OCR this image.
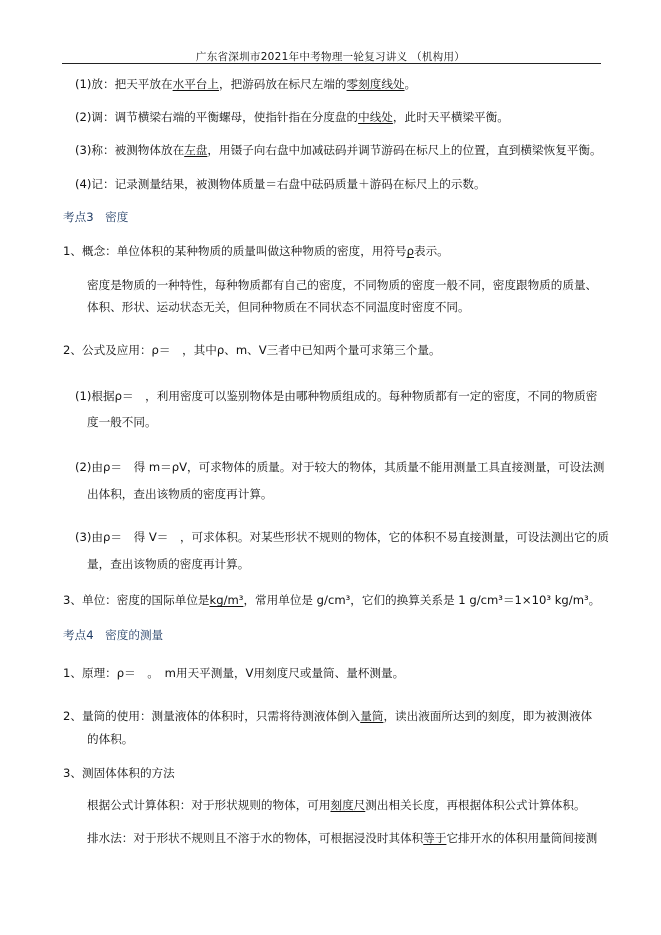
广东省深圳市2021年中考物理一轮复习讲义 （机构用）
(1)放：把天平放在水平台上，把游码放在标尺左端的零刻度线处。
(2)调：调节横梁右端的平衡螺母，使指针指在分度盘的中线处，此时天平横梁平衡。
(3)称：被测物体放在左盘，用镊子向右盘中加减砝码并调节游码在标尺上的位置，直到横梁恢复平衡。
(4)记：记录测量结果，被测物体质量＝右盘中砝码质量＋游码在标尺上的示数。
考点3　密度
1、概念：单位体积的某种物质的质量叫做这种物质的密度，用符号ρ表示。
密度是物质的一种特性，每种物质都有自己的密度，不同物质的密度一般不同，密度跟物质的质量、
体积、形状、运动状态无关，但同种物质在不同状态不同温度时密度不同。
2、公式及应用：ρ＝　，其中ρ、m、V三者中已知两个量可求第三个量。
(1)根据ρ＝　，利用密度可以鉴别物体是由哪种物质组成的。每种物质都有一定的密度，不同的物质密
度一般不同。
(2)由ρ＝　得 m＝ρV，可求物体的质量。对于较大的物体，其质量不能用测量工具直接测量，可设法测
出体积，查出该物质的密度再计算。
(3)由ρ＝　得 V＝　，可求体积。对某些形状不规则的物体，它的体积不易直接测量，可设法测出它的质
量，查出该物质的密度再计算。
3、单位：密度的国际单位是kg/m³，常用单位是 g/cm³，它们的换算关系是 1 g/cm³＝1×10³ kg/m³。
考点4　密度的测量
1、原理：ρ＝　。　m用天平测量，V用刻度尺或量筒、量杯测量。
2、量筒的使用：测量液体的体积时，只需将待测液体倒入量筒，读出液面所达到的刻度，即为被测液体
的体积。
3、测固体体积的方法
根据公式计算体积：对于形状规则的物体，可用刻度尺测出相关长度，再根据体积公式计算体积。
排水法：对于形状不规则且不溶于水的物体，可根据浸没时其体积等于它排开水的体积用量筒间接测
